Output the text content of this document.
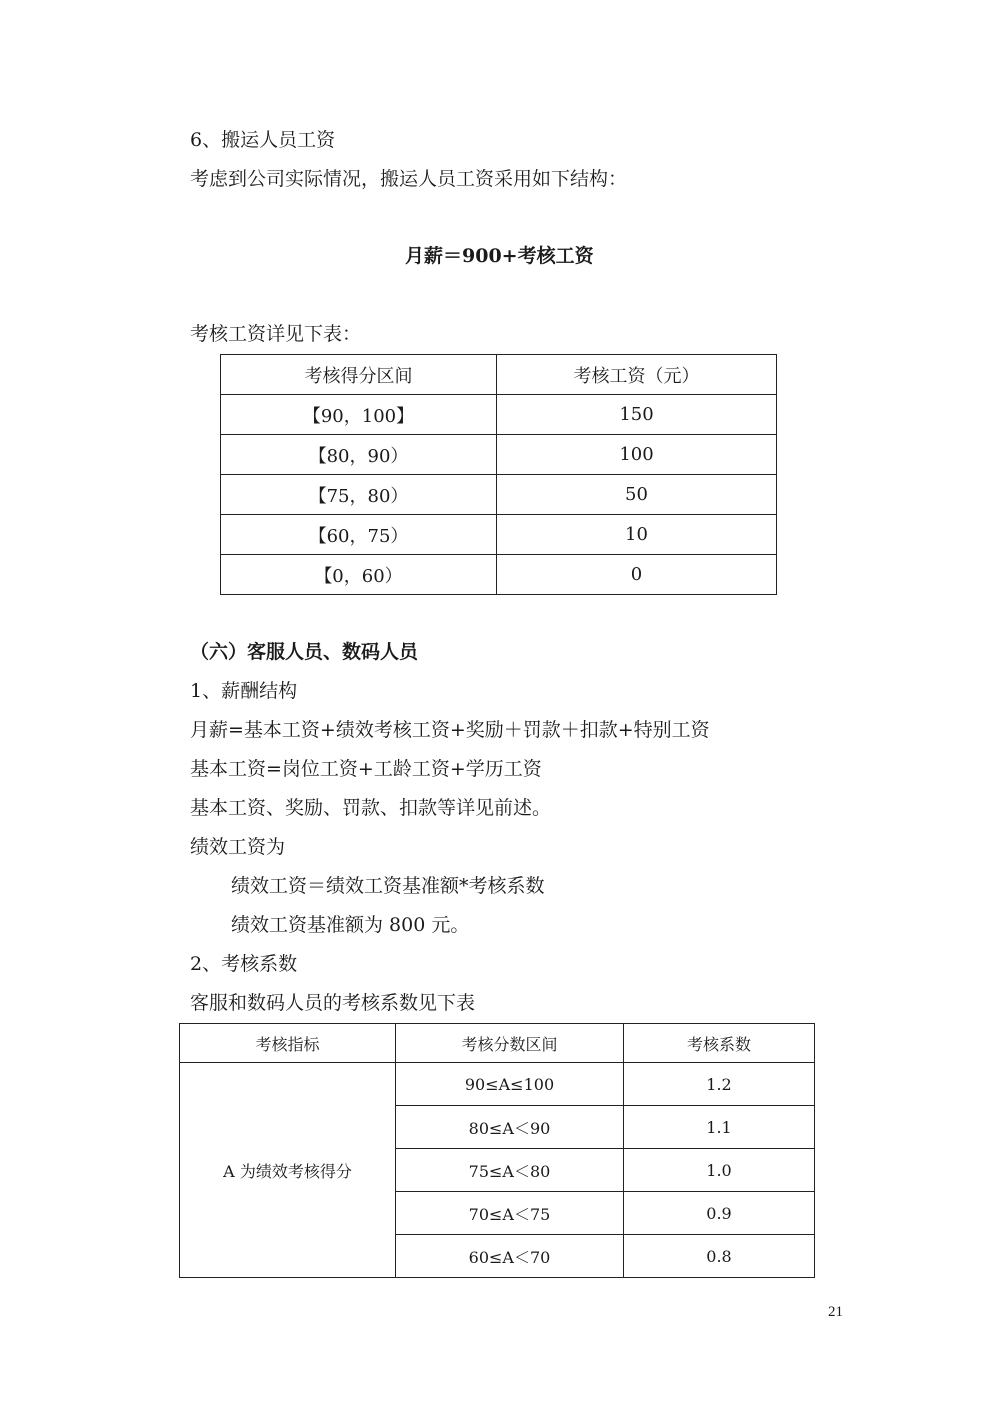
6、搬运人员工资
考虑到公司实际情况，搬运人员工资采用如下结构：
月薪＝900+考核工资
考核工资详见下表：
考核得分区间	考核工资（元）
【90，100】	150
【80，90）	100
【75，80）	50
【60，75）	10
【0，60）	0
（六）客服人员、数码人员
1、薪酬结构
月薪=基本工资+绩效考核工资+奖励＋罚款＋扣款+特别工资
基本工资=岗位工资+工龄工资+学历工资
基本工资、奖励、罚款、扣款等详见前述。
绩效工资为
绩效工资＝绩效工资基准额*考核系数
绩效工资基准额为 800 元。
2、考核系数
客服和数码人员的考核系数见下表
考核指标	考核分数区间	考核系数
A 为绩效考核得分	90≤A≤100	1.2
	80≤A＜90	1.1
	75≤A＜80	1.0
	70≤A＜75	0.9
	60≤A＜70	0.8
21
